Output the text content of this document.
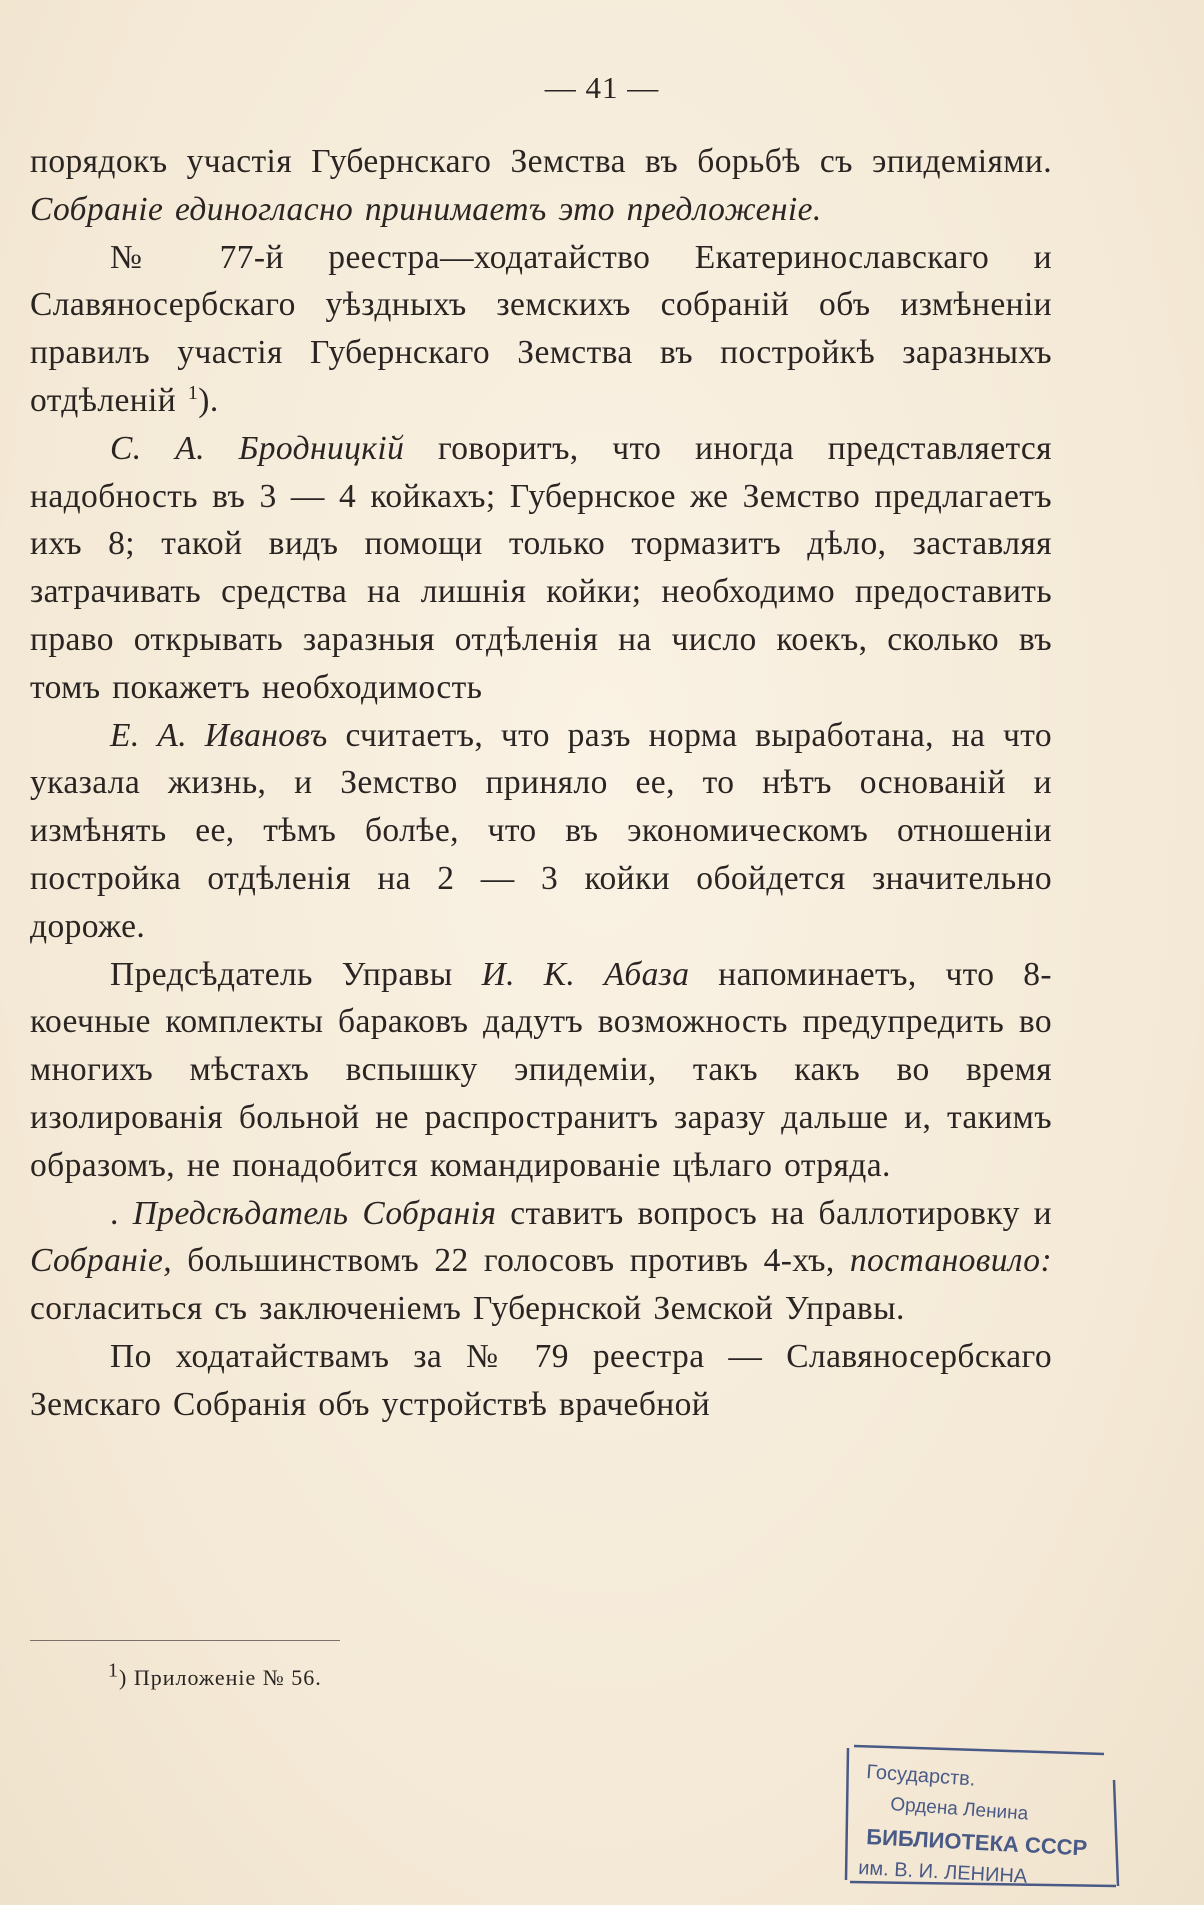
— 41 —

порядокъ участія Губернскаго Земства въ борьбѣ съ эпидеміями. Собраніе единогласно принимаетъ это предложеніе.

№ 77-й реестра—ходатайство Екатеринославскаго и Славяносербскаго уѣздныхъ земскихъ собраній объ измѣненіи правилъ участія Губернскаго Земства въ постройкѣ заразныхъ отдѣленій $^1$).

С. А. Бродницкій говоритъ, что иногда представляется надобность въ 3 — 4 койкахъ; Губернское же Земство предлагаетъ ихъ 8; такой видъ помощи только тормазитъ дѣло, заставляя затрачивать средства на лишнія койки; необходимо предоставить право открывать заразныя отдѣленія на число коекъ, сколько въ томъ покажетъ необходимость

Е. А. Ивановъ считаетъ, что разъ норма выработана, на что указала жизнь, и Земство приняло ее, то нѣтъ основаній и измѣнять ее, тѣмъ болѣе, что въ экономическомъ отношеніи постройка отдѣленія на 2 — 3 койки обойдется значительно дороже.

Предсѣдатель Управы И. К. Абаза напоминаетъ, что 8-коечные комплекты бараковъ дадутъ возможность предупредить во многихъ мѣстахъ вспышку эпидеміи, такъ какъ во время изолированія больной не распространитъ заразу дальше и, такимъ образомъ, не понадобится командированіе цѣлаго отряда.

. Предсѣдатель Собранія ставитъ вопросъ на баллотировку и Собраніе, большинствомъ 22 голосовъ противъ 4-хъ, постановило: согласиться съ заключеніемъ Губернской Земской Управы.

По ходатайствамъ за № 79 реестра — Славяносербскаго Земскаго Собранія объ устройствѣ врачебной

1) Приложеніе № 56.
Государств.
Ордена Ленина
БИБЛИОТЕКА СССР
им. В. И. ЛЕНИНА
